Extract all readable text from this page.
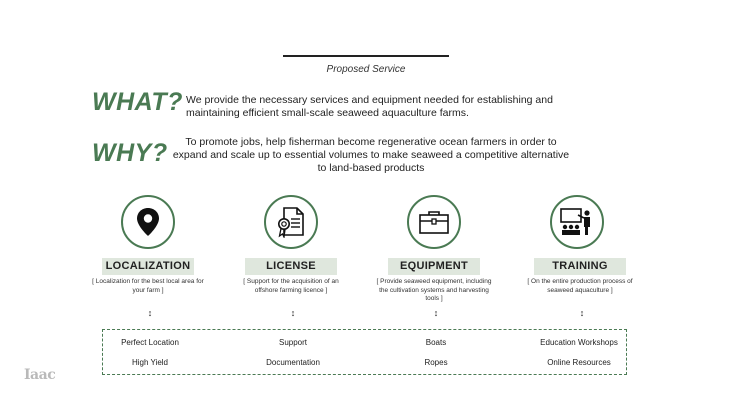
Proposed Service
WHAT? We provide the necessary services and equipment needed for establishing and maintaining efficient small-scale seaweed aquaculture farms.
WHY?	To promote jobs, help fisherman become regenerative ocean farmers in order to expand and scale up to essential volumes to make seaweed a competitive alternative to land-based products
LOCALIZATION
[ Localization for the best local area for your farm ]
↕
LICENSE
[ Support for the acquisition of an offshore farming licence ]
↕
EQUIPMENT
[ Provide seaweed equipment, including the cultivation systems and harvesting tools ]
↕
TRAINING
[ On the entire production process of seaweed aquaculture ]
↕
Perfect Location
High Yield
Support
Documentation
Boats
Ropes
Education Workshops
Online Resources
Iaac
